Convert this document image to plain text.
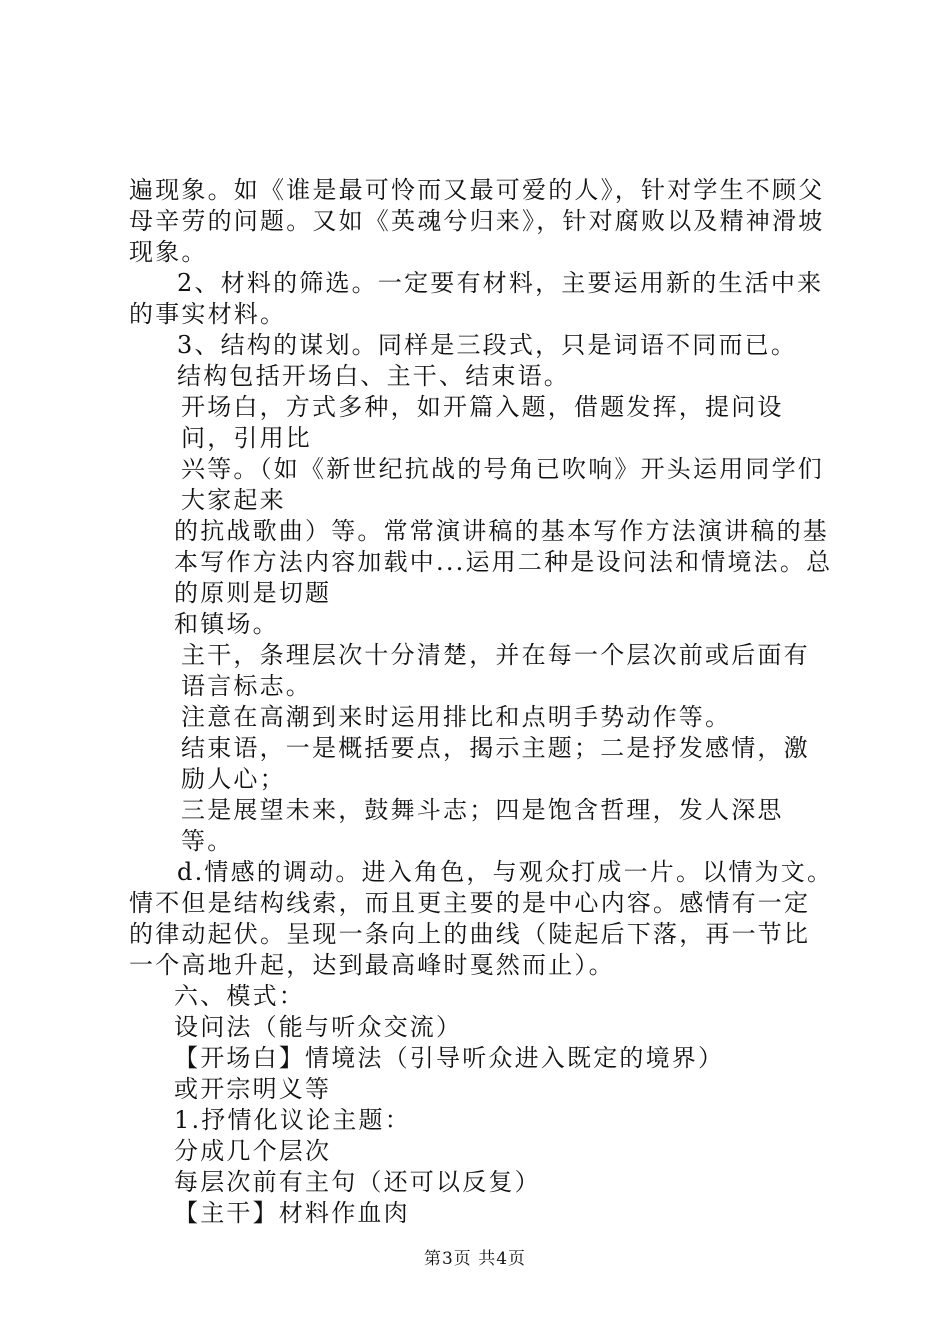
遍现象。如《谁是最可怜而又最可爱的人》，针对学生不顾父母辛劳的问题。又如《英魂兮归来》，针对腐败以及精神滑坡现象。

2、材料的筛选。一定要有材料，主要运用新的生活中来的事实材料。

3、结构的谋划。同样是三段式，只是词语不同而已。

结构包括开场白、主干、结束语。

开场白，方式多种，如开篇入题，借题发挥，提问设问，引用比

兴等。（如《新世纪抗战的号角已吹响》开头运用同学们大家起来

的抗战歌曲）等。常常演讲稿的基本写作方法演讲稿的基本写作方法内容加载中...运用二种是设问法和情境法。总的原则是切题

和镇场。

主干，条理层次十分清楚，并在每一个层次前或后面有语言标志。

注意在高潮到来时运用排比和点明手势动作等。

结束语，一是概括要点，揭示主题；二是抒发感情，激励人心；

三是展望未来，鼓舞斗志；四是饱含哲理，发人深思等。

d.情感的调动。进入角色，与观众打成一片。以情为文。情不但是结构线索，而且更主要的是中心内容。感情有一定的律动起伏。呈现一条向上的曲线（陡起后下落，再一节比一个高地升起，达到最高峰时戛然而止）。

六、模式：

设问法（能与听众交流）

【开场白】情境法（引导听众进入既定的境界）

或开宗明义等

1.抒情化议论主题：

分成几个层次

每层次前有主句（还可以反复）

【主干】材料作血肉

第3页 共4页
